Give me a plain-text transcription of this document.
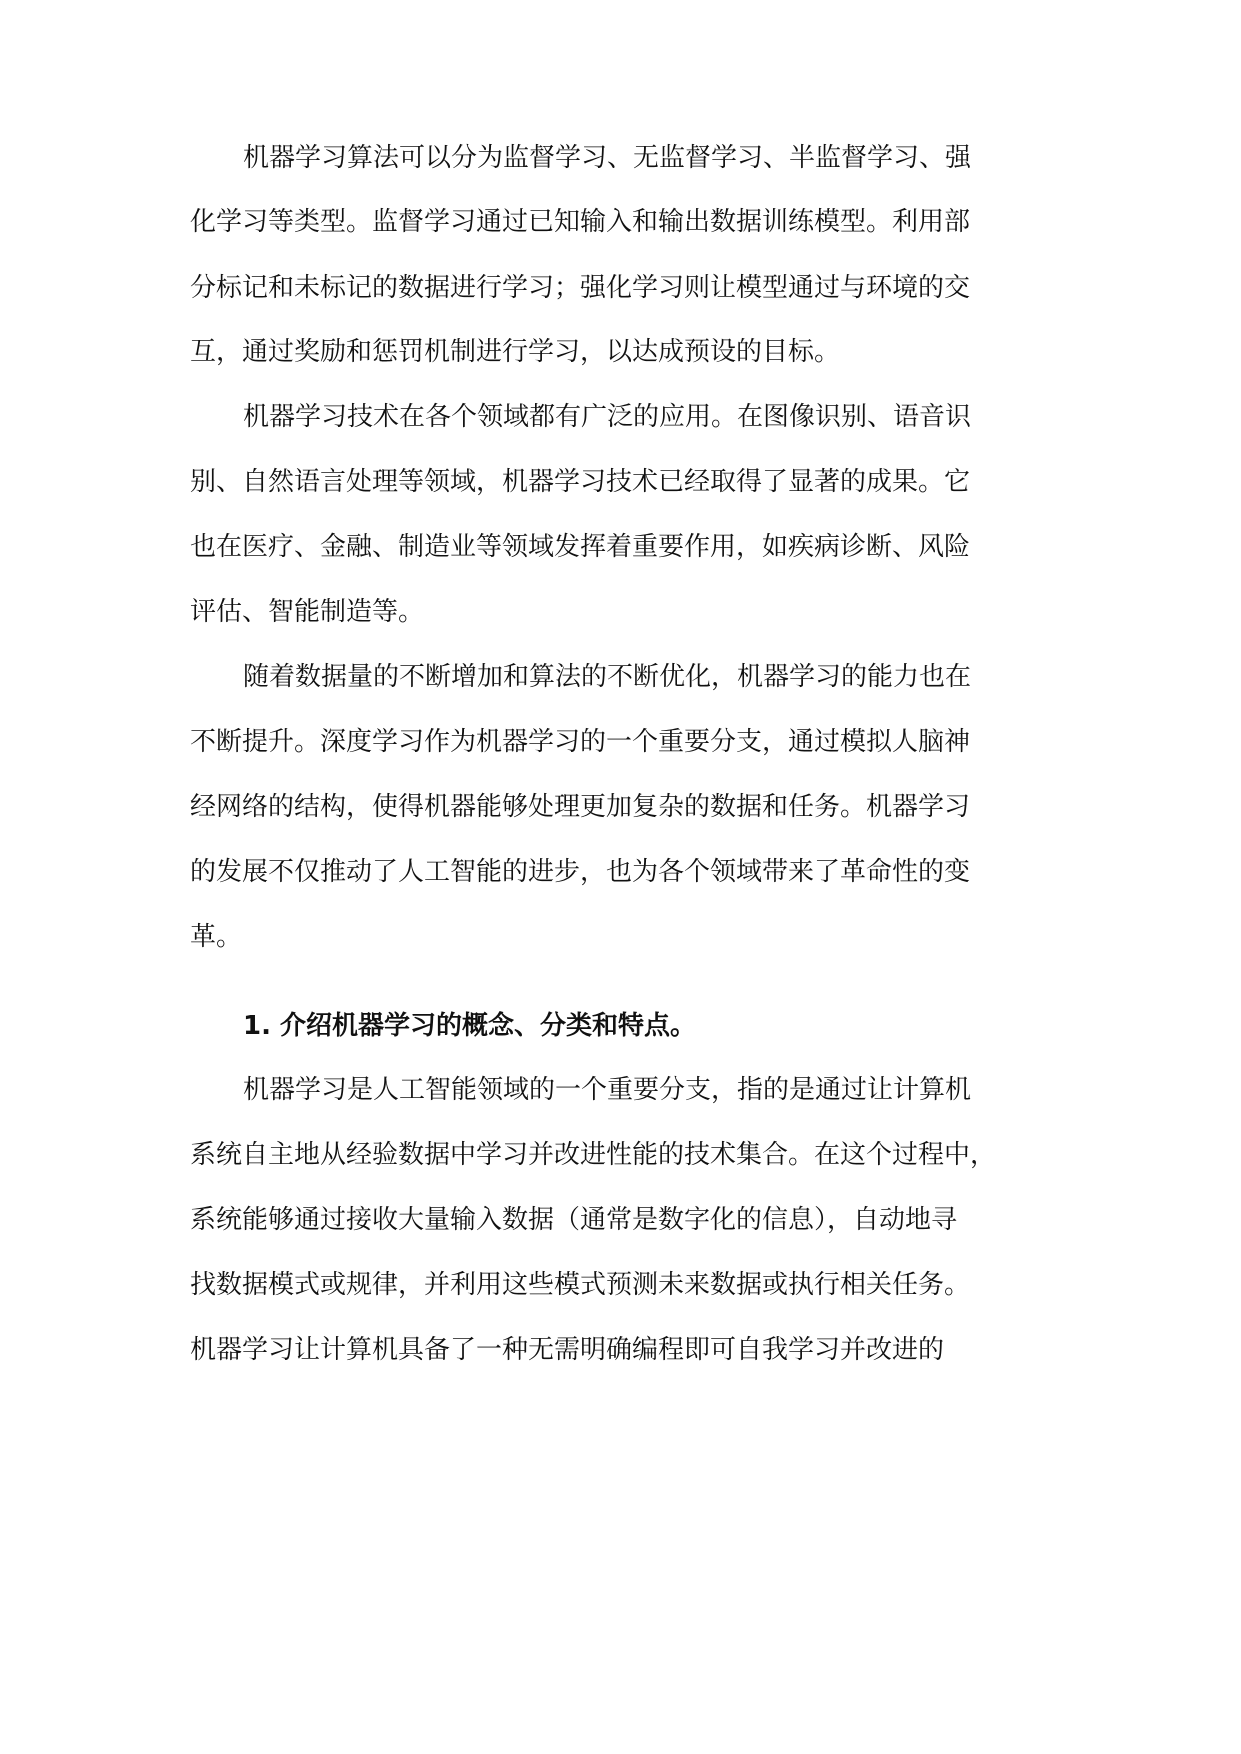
机器学习算法可以分为监督学习、无监督学习、半监督学习、强
化学习等类型。监督学习通过已知输入和输出数据训练模型。利用部
分标记和未标记的数据进行学习；强化学习则让模型通过与环境的交
互，通过奖励和惩罚机制进行学习，以达成预设的目标。
机器学习技术在各个领域都有广泛的应用。在图像识别、语音识
别、自然语言处理等领域，机器学习技术已经取得了显著的成果。它
也在医疗、金融、制造业等领域发挥着重要作用，如疾病诊断、风险
评估、智能制造等。
随着数据量的不断增加和算法的不断优化，机器学习的能力也在
不断提升。深度学习作为机器学习的一个重要分支，通过模拟人脑神
经网络的结构，使得机器能够处理更加复杂的数据和任务。机器学习
的发展不仅推动了人工智能的进步，也为各个领域带来了革命性的变
革。
1. 介绍机器学习的概念、分类和特点。
机器学习是人工智能领域的一个重要分支，指的是通过让计算机
系统自主地从经验数据中学习并改进性能的技术集合。在这个过程中，
系统能够通过接收大量输入数据（通常是数字化的信息），自动地寻
找数据模式或规律，并利用这些模式预测未来数据或执行相关任务。
机器学习让计算机具备了一种无需明确编程即可自我学习并改进的
